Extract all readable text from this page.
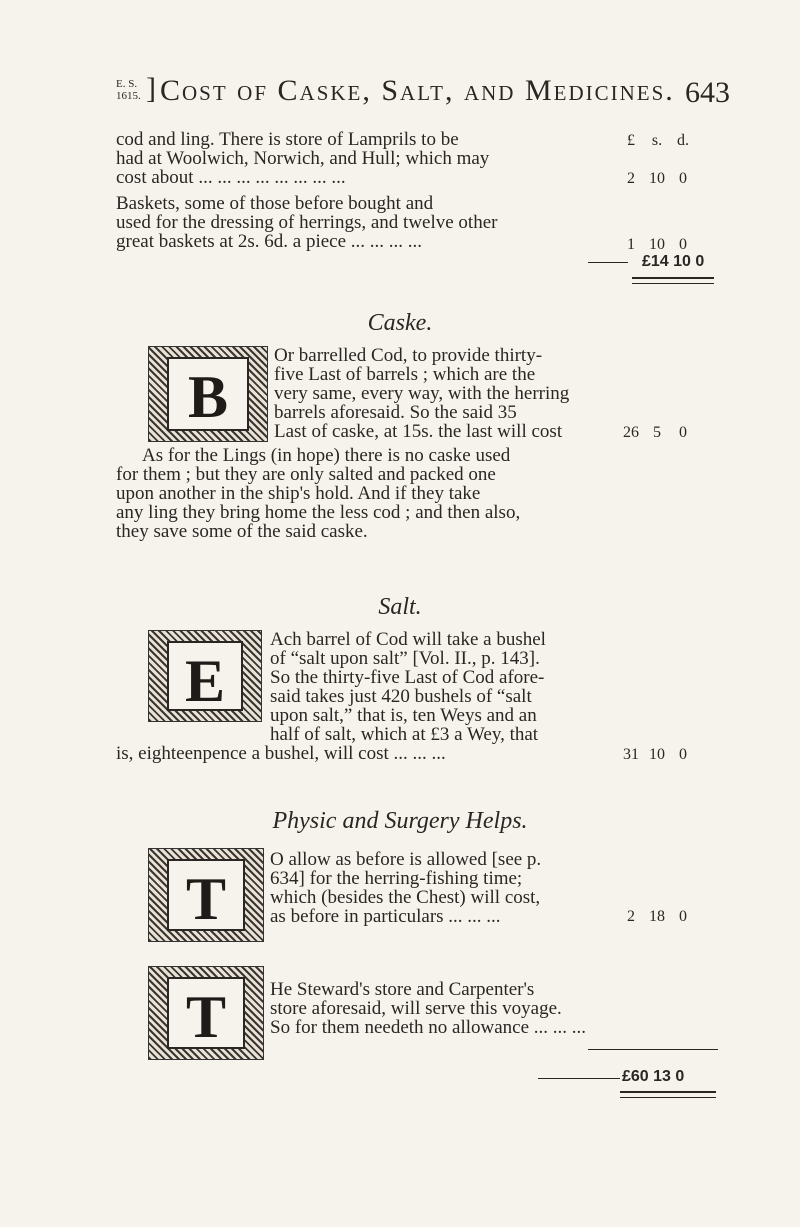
E. S.
1615. ] Cost of Caske, Salt, and Medicines. 643
£ s. d.
cod and ling. There is store of Lamprils to be
had at Woolwich, Norwich, and Hull; which may
cost about ... ... ... ... ... ... ... ...	2 10 0
Baskets, some of those before bought and
used for the dressing of herrings, and twelve other
great baskets at 2s. 6d. a piece ... ... ... ...	1 10 0
£14 10 0
Caske.
B
Or barrelled Cod, to provide thirty-
five Last of barrels ; which are the
very same, every way, with the herring
barrels aforesaid. So the said 35
Last of caske, at 15s. the last will cost	26 5 0
As for the Lings (in hope) there is no caske used
for them ; but they are only salted and packed one
upon another in the ship's hold. And if they take
any ling they bring home the less cod ; and then also,
they save some of the said caske.
Salt.
E
Ach barrel of Cod will take a bushel
of “salt upon salt” [Vol. II., p. 143].
So the thirty-five Last of Cod afore-
said takes just 420 bushels of “salt
upon salt,” that is, ten Weys and an
half of salt, which at £3 a Wey, that
is, eighteenpence a bushel, will cost ... ... ...	31 10 0
Physic and Surgery Helps.
T
O allow as before is allowed [see p.
634] for the herring-fishing time;
which (besides the Chest) will cost,
as before in particulars ... ... ...	2 18 0
T	He Steward's store and Carpenter's
store aforesaid, will serve this voyage.
So for them needeth no allowance ... ... ...
£60 13 0
